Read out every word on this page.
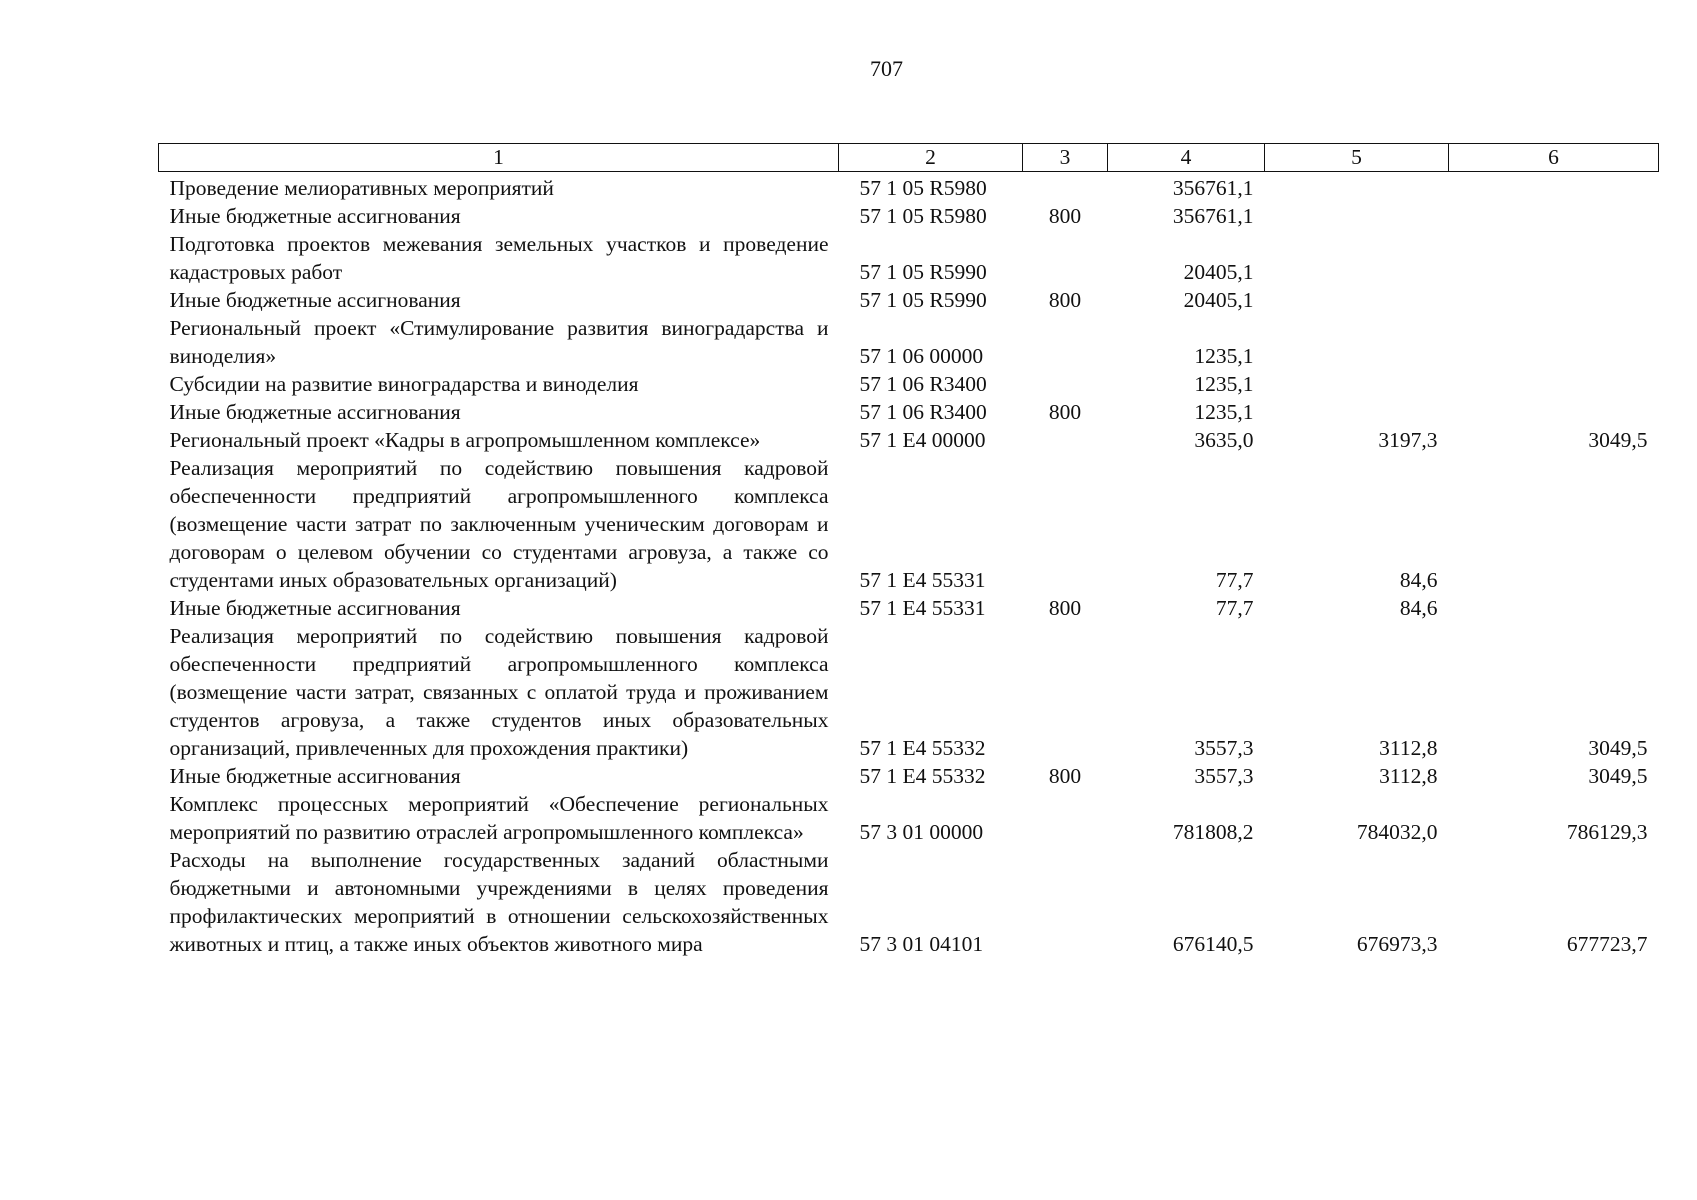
707
1	2	3	4	5	6
Проведение мелиоративных мероприятий	57 1 05 R5980		356761,1		
Иные бюджетные ассигнования	57 1 05 R5980	800	356761,1		
Подготовка проектов межевания земельных участков и проведение кадастровых работ	57 1 05 R5990		20405,1		
Иные бюджетные ассигнования	57 1 05 R5990	800	20405,1		
Региональный проект «Стимулирование развития виноградарства и виноделия»	57 1 06 00000		1235,1		
Субсидии на развитие виноградарства и виноделия	57 1 06 R3400		1235,1		
Иные бюджетные ассигнования	57 1 06 R3400	800	1235,1		
Региональный проект «Кадры в агропромышленном комплексе»	57 1 Е4 00000		3635,0	3197,3	3049,5
Реализация мероприятий по содействию повышения кадровой обеспеченности предприятий агропромышленного комплекса (возмещение части затрат по заключенным ученическим договорам и договорам о целевом обучении со студентами агровуза, а также со студентами иных образовательных организаций)	57 1 Е4 55331		77,7	84,6	
Иные бюджетные ассигнования	57 1 Е4 55331	800	77,7	84,6	
Реализация мероприятий по содействию повышения кадровой обеспеченности предприятий агропромышленного комплекса (возмещение части затрат, связанных с оплатой труда и проживанием студентов агровуза, а также студентов иных образовательных организаций, привлеченных для прохождения практики)	57 1 Е4 55332		3557,3	3112,8	3049,5
Иные бюджетные ассигнования	57 1 Е4 55332	800	3557,3	3112,8	3049,5
Комплекс процессных мероприятий «Обеспечение региональных мероприятий по развитию отраслей агропромышленного комплекса»	57 3 01 00000		781808,2	784032,0	786129,3
Расходы на выполнение государственных заданий областными бюджетными и автономными учреждениями в целях проведения профилактических мероприятий в отношении сельскохозяйственных животных и птиц, а также иных объектов животного мира	57 3 01 04101		676140,5	676973,3	677723,7
